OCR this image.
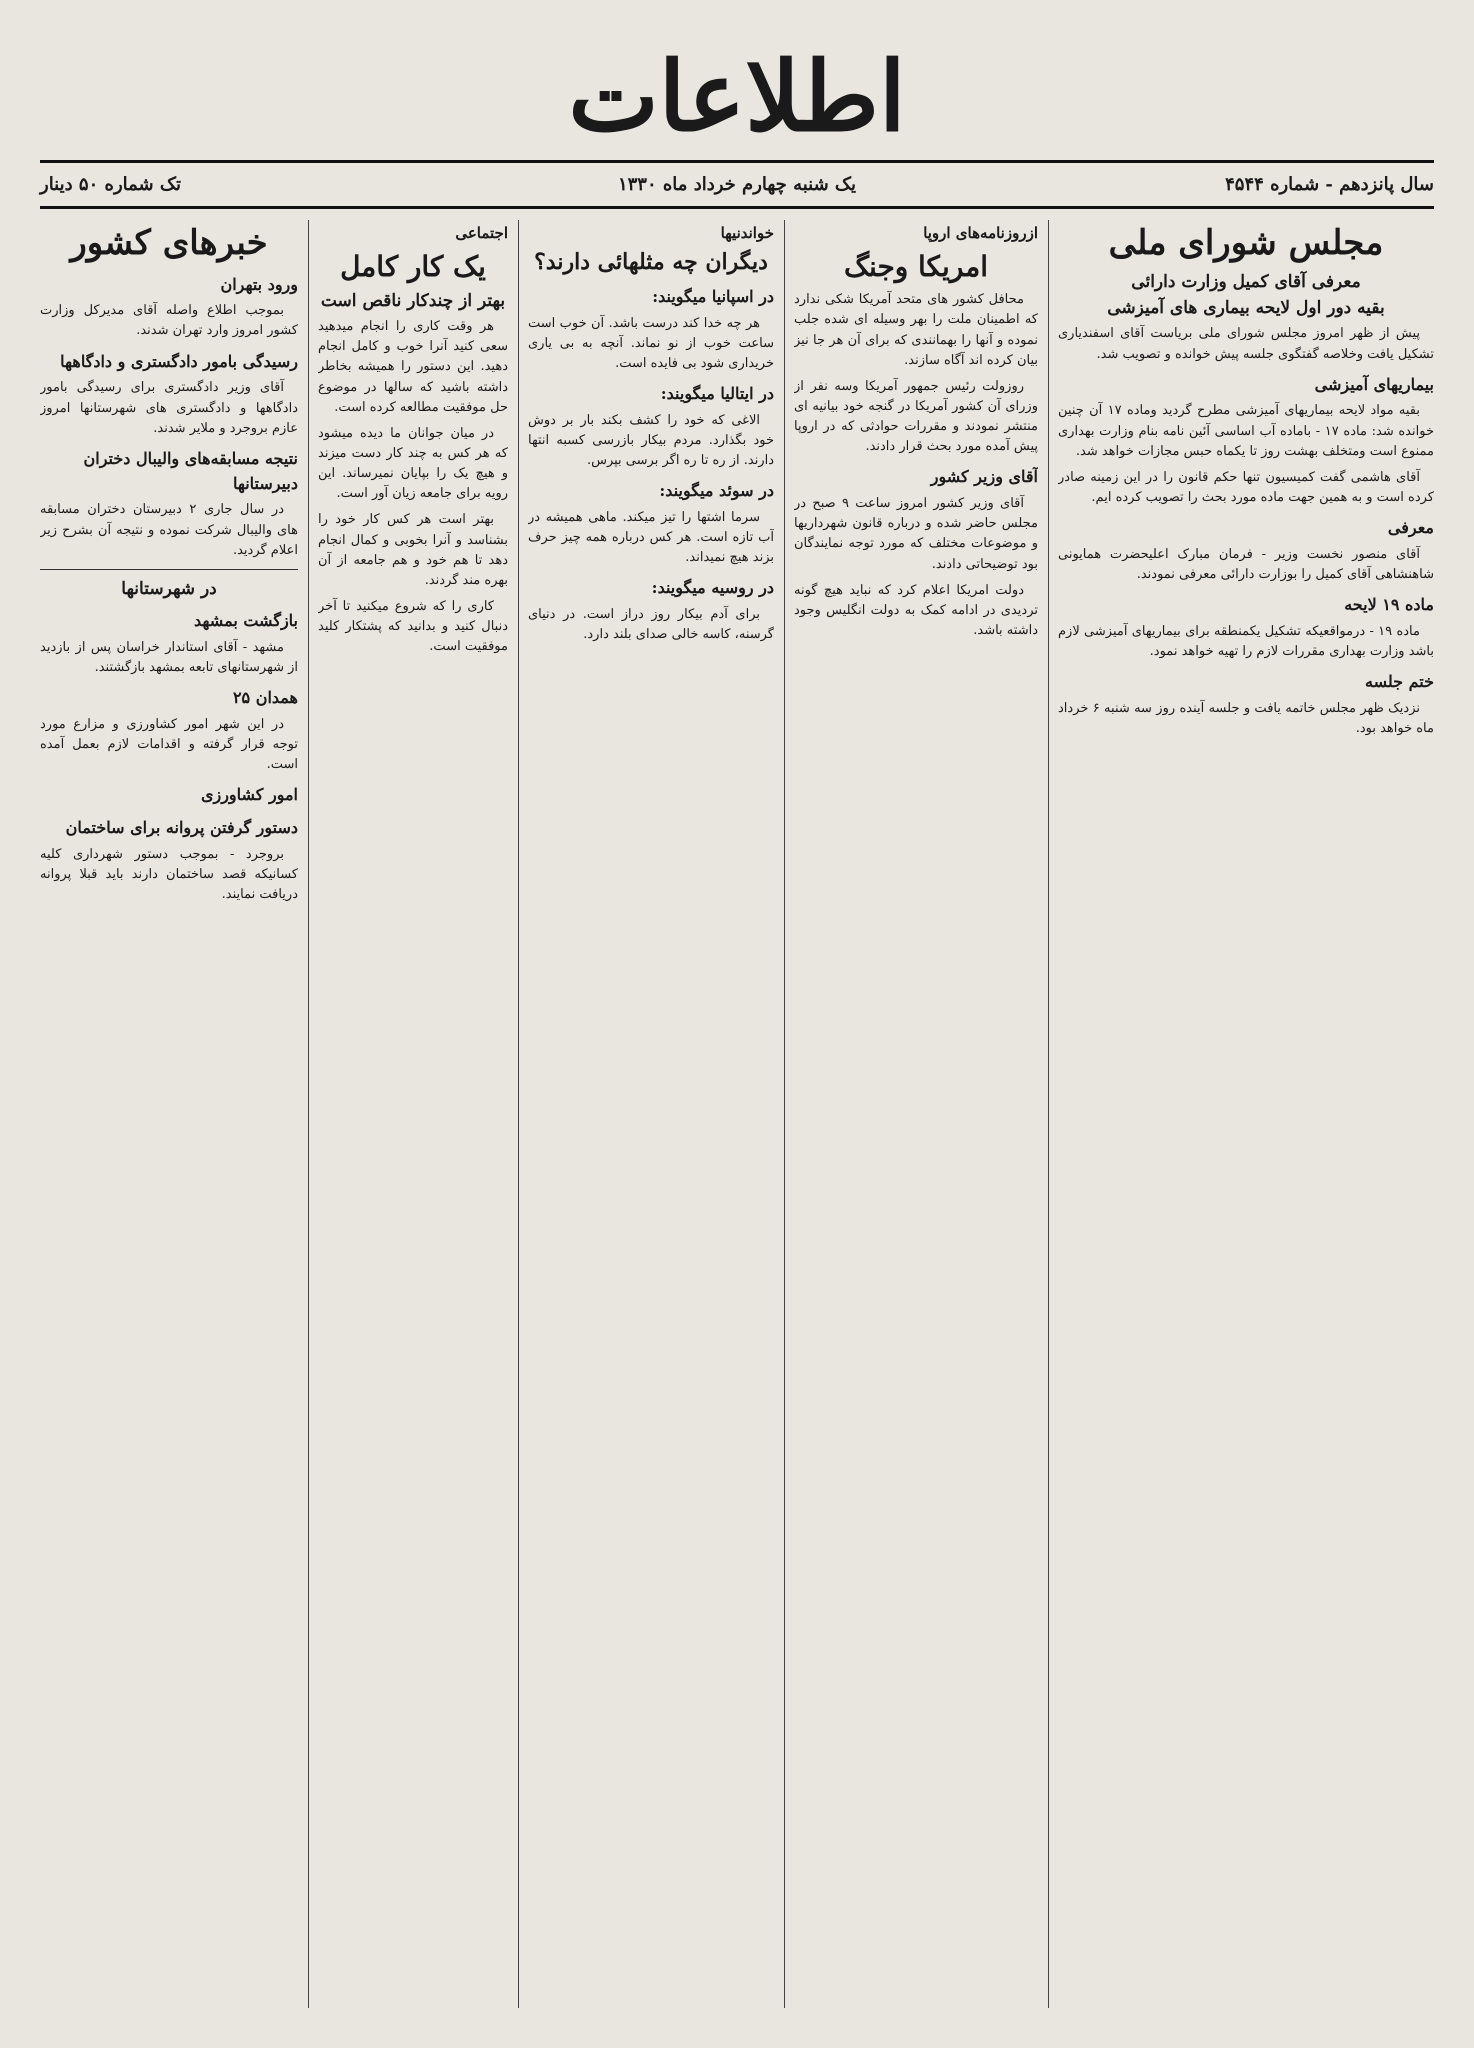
اطلاعات
سال پانزدهم - شماره ۴۵۴۴
یک شنبه چهارم خرداد ماه ۱۳۳۰
تک شماره ۵۰ دینار
مجلس شورای ملی
معرفی آقای کمیل وزارت دارائی
بقیه دور اول لایحه بیماری های آمیزشی

پیش از ظهر امروز مجلس شورای ملی بریاست آقای اسفندیاری تشکیل یافت وخلاصه گفتگوی جلسه پیش خوانده و تصویب شد.

بیماریهای آمیزشی

بقیه مواد لایحه بیماریهای آمیزشی مطرح گردید وماده ۱۷ آن چنین خوانده شد: ماده ۱۷ - باماده آب اساسی آئین نامه بنام وزارت بهداری ممنوع است ومتخلف بهشت روز تا یکماه حبس مجازات خواهد شد.

آقای هاشمی گفت کمیسیون تنها حکم قانون را در این زمینه صادر کرده است و به همین جهت ماده مورد بحث را تصویب کرده ایم.

معرفی

آقای منصور نخست وزیر - فرمان مبارک اعلیحضرت همایونی شاهنشاهی آقای کمیل را بوزارت دارائی معرفی نمودند.

ماده ۱۹ لایحه

ماده ۱۹ - درمواقعیکه تشکیل یکمنطقه برای بیماریهای آمیزشی لازم باشد وزارت بهداری مقررات لازم را تهیه خواهد نمود.

ختم جلسه

نزدیک ظهر مجلس خاتمه یافت و جلسه آینده روز سه شنبه ۶ خرداد ماه خواهد بود.

ازروزنامه‌های اروپا
امریکا وجنگ

محافل کشور های متحد آمریکا شکی ندارد که اطمینان ملت را بهر وسیله ای شده جلب نموده و آنها را بهمانندی که برای آن هر جا نیز بیان کرده اند آگاه سازند.

روزولت رئیس جمهور آمریکا وسه نفر از وزرای آن کشور آمریکا در گنجه خود بیانیه ای منتشر نمودند و مقررات حوادثی که در اروپا پیش آمده مورد بحث قرار دادند.

آقای وزیر کشور

آقای وزیر کشور امروز ساعت ۹ صبح در مجلس حاضر شده و درباره قانون شهرداریها و موضوعات مختلف که مورد توجه نمایندگان بود توضیحاتی دادند.

دولت امریکا اعلام کرد که نباید هیچ گونه تردیدی در ادامه کمک به دولت انگلیس وجود داشته باشد.

خواندنیها
دیگران چه مثلهائی دارند؟
در اسپانیا میگویند:

هر چه خدا کند درست باشد. آن خوب است ساعت خوب از نو نماند. آنچه به بی یاری خریداری شود بی فایده است.

در ایتالیا میگویند:

الاغی که خود را کشف بکند بار بر دوش خود بگذارد. مردم بیکار بازرسی کسبه انتها دارند. از ره تا ره اگر برسی بپرس.

در سوئد میگویند:

سرما اشتها را تیز میکند. ماهی همیشه در آب تازه است. هر کس درباره همه چیز حرف بزند هیچ نمیداند.

در روسیه میگویند:

برای آدم بیکار روز دراز است. در دنیای گرسنه، کاسه خالی صدای بلند دارد.

اجتماعی
یک کار کامل
بهتر از چندکار ناقص است

هر وقت کاری را انجام میدهید سعی کنید آنرا خوب و کامل انجام دهید. این دستور را همیشه بخاطر داشته باشید که سالها در موضوع حل موفقیت مطالعه کرده است.

در میان جوانان ما دیده میشود که هر کس به چند کار دست میزند و هیچ یک را بپایان نمیرساند. این رویه برای جامعه زیان آور است.

بهتر است هر کس کار خود را بشناسد و آنرا بخوبی و کمال انجام دهد تا هم خود و هم جامعه از آن بهره مند گردند.

کاری را که شروع میکنید تا آخر دنبال کنید و بدانید که پشتکار کلید موفقیت است.

خبرهای کشور
ورود بتهران

بموجب اطلاع واصله آقای مدیرکل وزارت کشور امروز وارد تهران شدند.

رسیدگی بامور دادگستری و دادگاهها

آقای وزیر دادگستری برای رسیدگی بامور دادگاهها و دادگستری های شهرستانها امروز عازم بروجرد و ملایر شدند.

نتیجه مسابقه‌های والیبال دختران دبیرستانها

در سال جاری ۲ دبیرستان دختران مسابقه های والیبال شرکت نموده و نتیجه آن بشرح زیر اعلام گردید.

در شهرستانها
بازگشت بمشهد

مشهد - آقای استاندار خراسان پس از بازدید از شهرستانهای تابعه بمشهد بازگشتند.

همدان ۲۵

در این شهر امور کشاورزی و مزارع مورد توجه قرار گرفته و اقدامات لازم بعمل آمده است.

امور کشاورزی
دستور گرفتن پروانه برای ساختمان

بروجرد - بموجب دستور شهرداری کلیه کسانیکه قصد ساختمان دارند باید قبلا پروانه دریافت نمایند.
